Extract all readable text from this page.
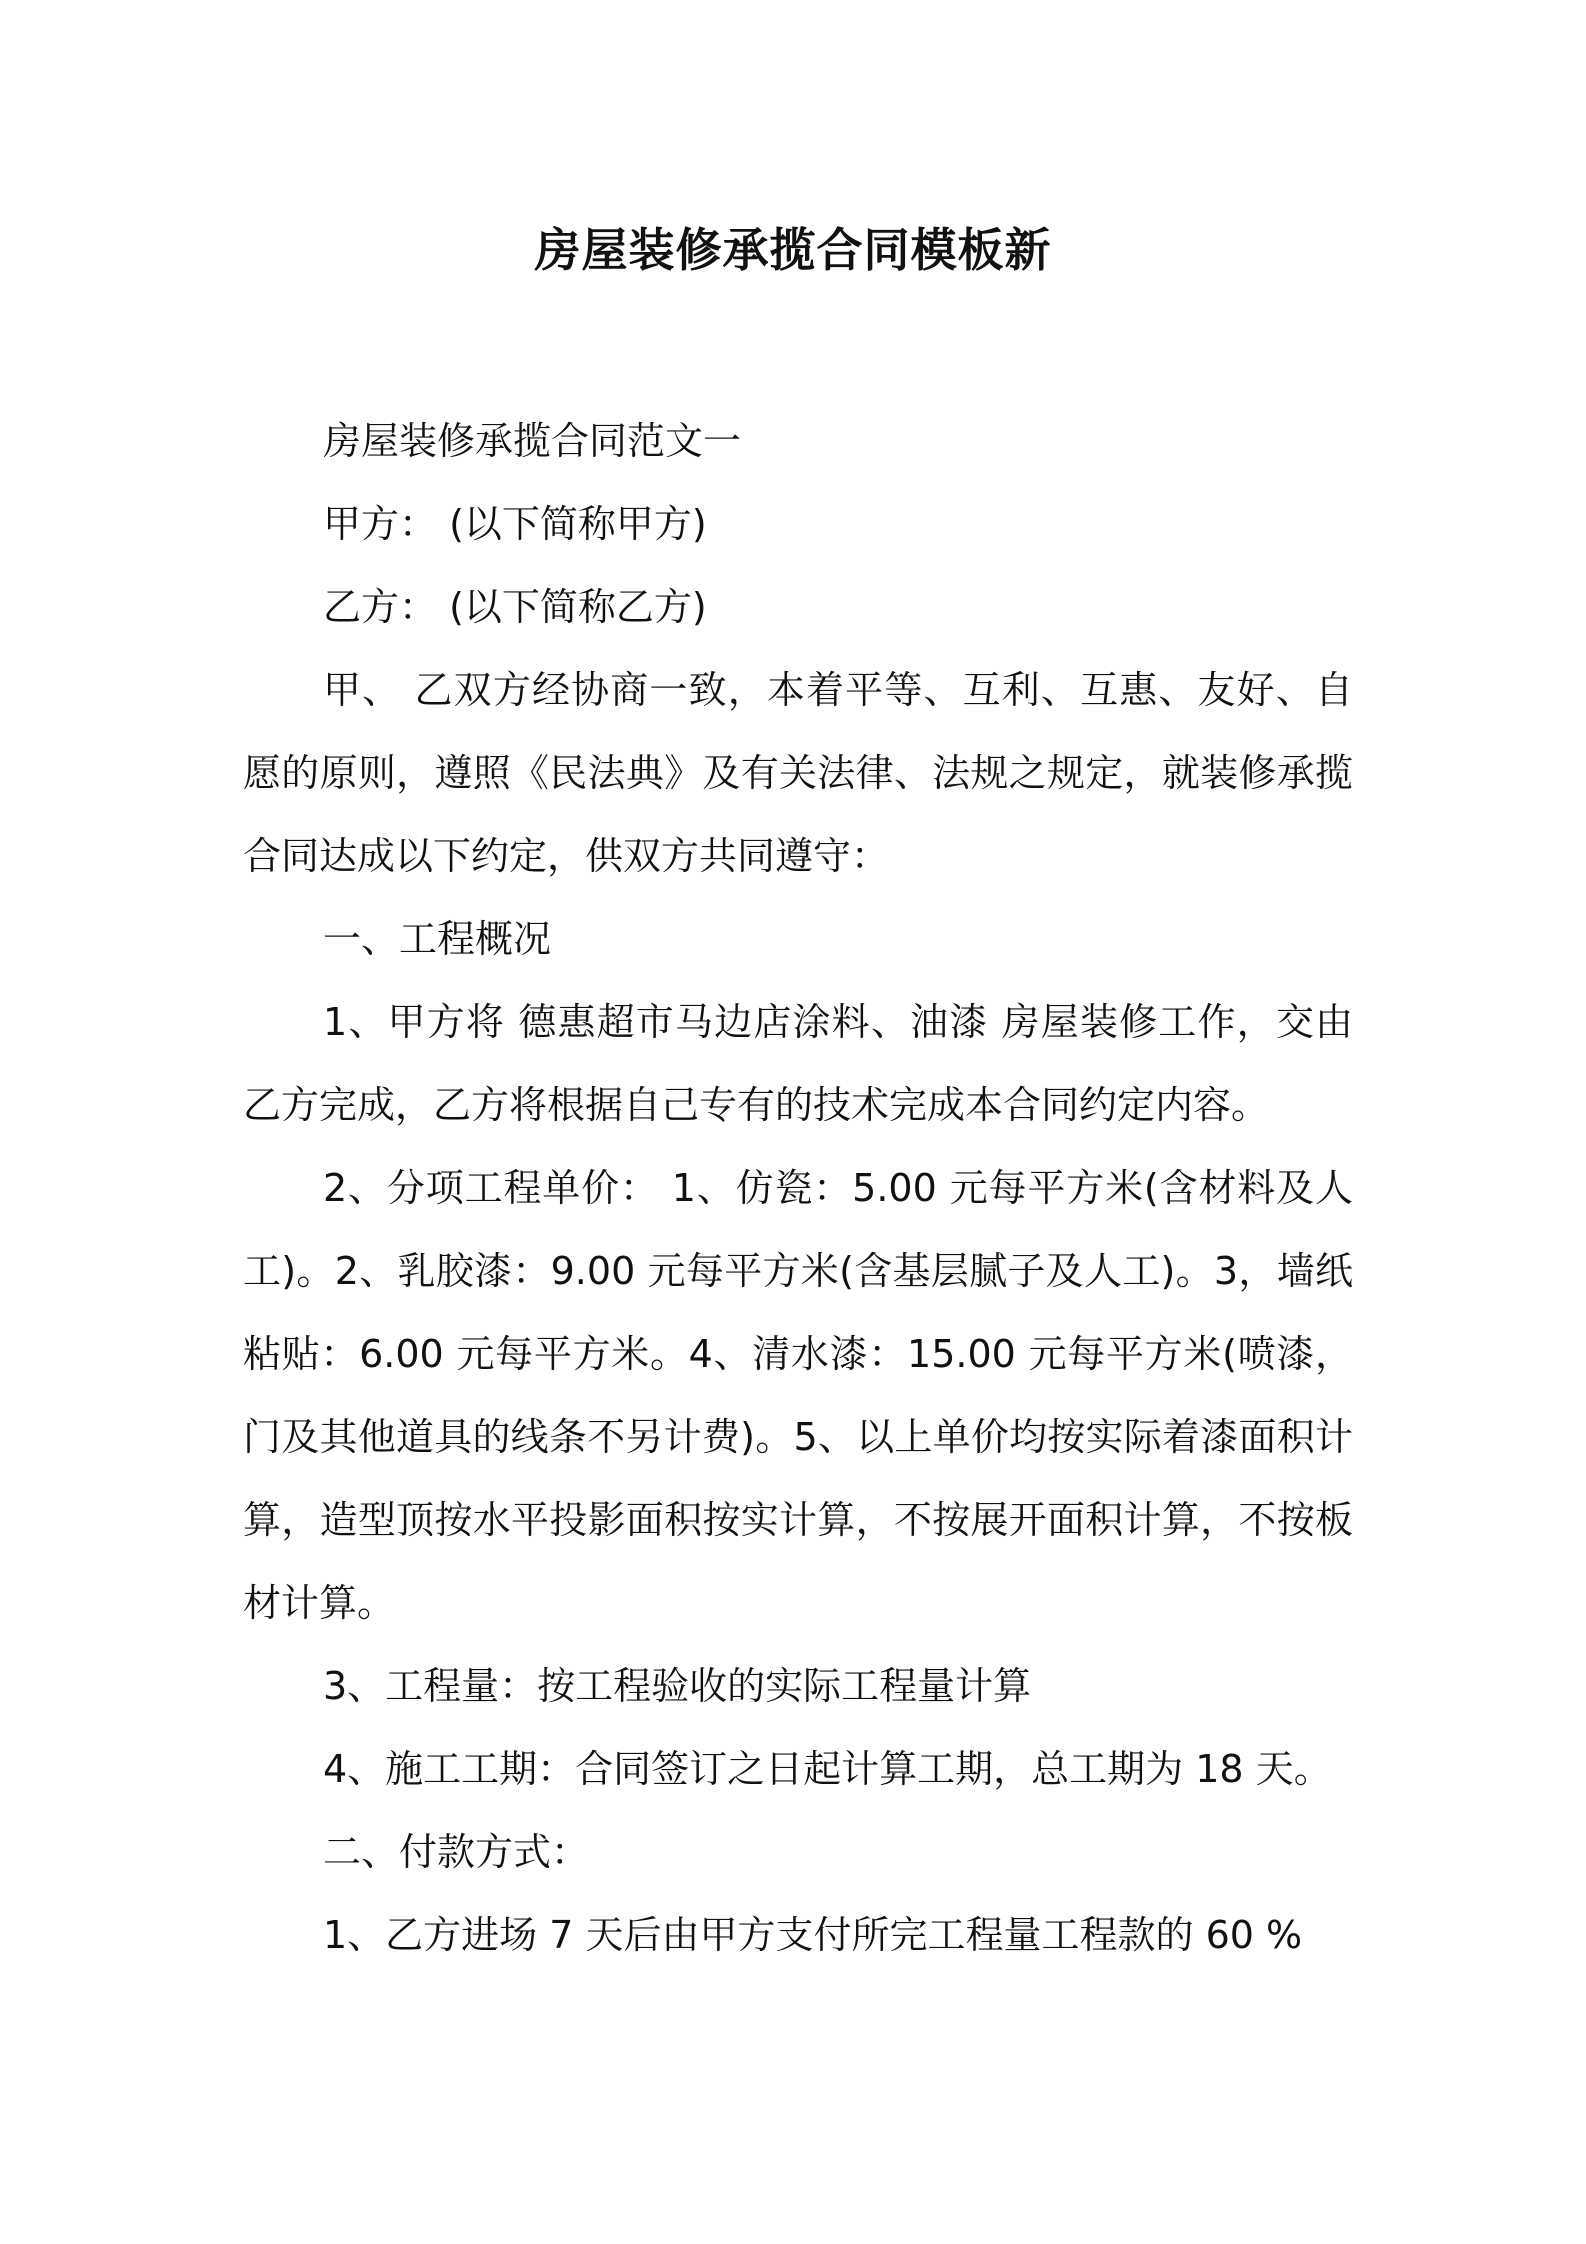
房屋装修承揽合同模板新

房屋装修承揽合同范文一

甲方： (以下简称甲方)

乙方： (以下简称乙方)

甲、 乙双方经协商一致，本着平等、互利、互惠、友好、自愿的原则，遵照《民法典》及有关法律、法规之规定，就装修承揽合同达成以下约定，供双方共同遵守：

一、工程概况

1、甲方将 德惠超市马边店涂料、油漆 房屋装修工作，交由乙方完成，乙方将根据自己专有的技术完成本合同约定内容。

2、分项工程单价： 1、仿瓷：5.00 元每平方米(含材料及人工)。2、乳胶漆：9.00 元每平方米(含基层腻子及人工)。3，墙纸粘贴：6.00 元每平方米。4、清水漆：15.00 元每平方米(喷漆，门及其他道具的线条不另计费)。5、以上单价均按实际着漆面积计算，造型顶按水平投影面积按实计算，不按展开面积计算，不按板材计算。

3、工程量：按工程验收的实际工程量计算

4、施工工期：合同签订之日起计算工期，总工期为 18 天。

二、付款方式：

1、乙方进场 7 天后由甲方支付所完工程量工程款的 60 %
